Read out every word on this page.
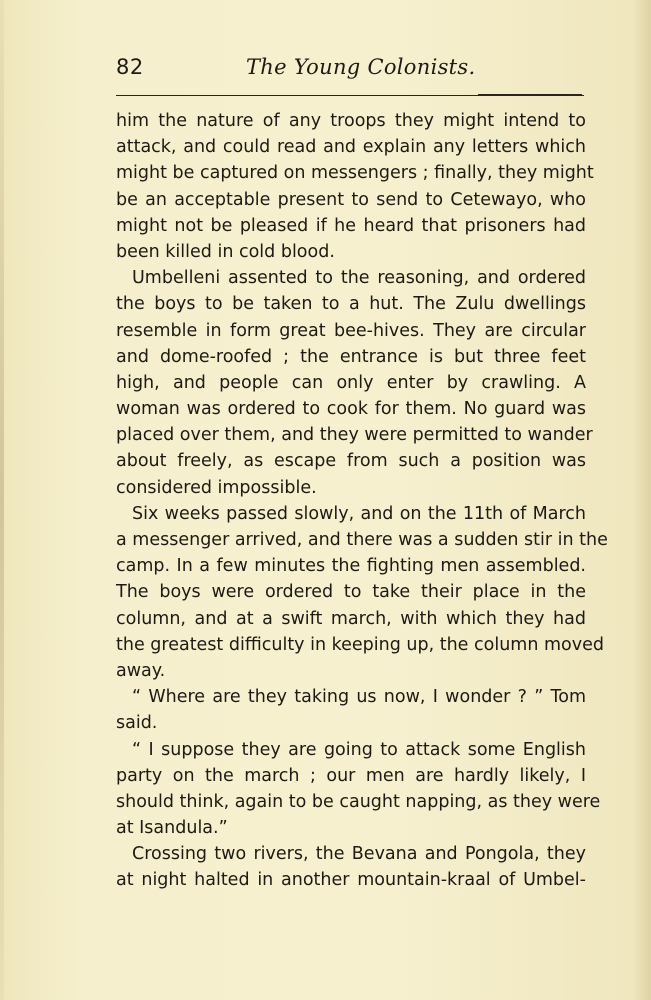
82	The Young Colonists.
him the nature of any troops they might intend to
attack, and could read and explain any letters which
might be captured on messengers ; finally, they might
be an acceptable present to send to Cetewayo, who
might not be pleased if he heard that prisoners had
been killed in cold blood.
Umbelleni assented to the reasoning, and ordered
the boys to be taken to a hut. The Zulu dwellings
resemble in form great bee-hives. They are circular
and dome-roofed ; the entrance is but three feet
high, and people can only enter by crawling. A
woman was ordered to cook for them. No guard was
placed over them, and they were permitted to wander
about freely, as escape from such a position was
considered impossible.
Six weeks passed slowly, and on the 11th of March
a messenger arrived, and there was a sudden stir in the
camp. In a few minutes the fighting men assembled.
The boys were ordered to take their place in the
column, and at a swift march, with which they had
the greatest difficulty in keeping up, the column moved
away.
“ Where are they taking us now, I wonder ? ” Tom
said.
“ I suppose they are going to attack some English
party on the march ; our men are hardly likely, I
should think, again to be caught napping, as they were
at Isandula.”
Crossing two rivers, the Bevana and Pongola, they
at night halted in another mountain-kraal of Umbel-
